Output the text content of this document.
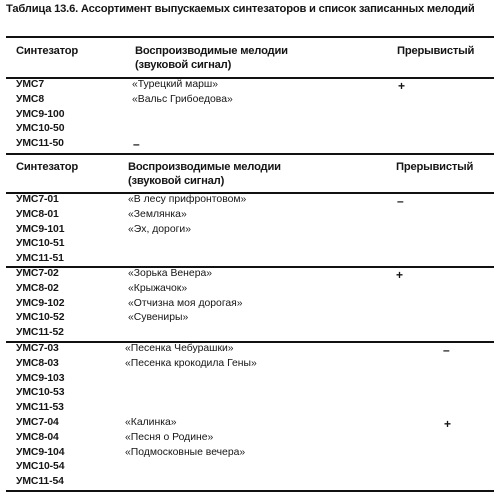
Таблица 13.6. Ассортимент выпускаемых синтезаторов и список записанных мелодий
Синтезатор	Воспроизводимые мелодии
(звуковой сигнал)
Прерывистый
УМС7
УМС8
УМС9-100
УМС10-50
УМС11-50
«Турецкий марш»
«Вальс Грибоедова»
+
–
Синтезатор	Воспроизводимые мелодии
(звуковой сигнал)
Прерывистый
УМС7-01
УМС8-01
УМС9-101
УМС10-51
УМС11-51
«В лесу прифронтовом»
«Землянка»
«Эх, дороги»
–
УМС7-02
УМС8-02
УМС9-102
УМС10-52
УМС11-52
«Зорька Венера»
«Крыжачок»
«Отчизна моя дорогая»
«Сувениры»
+
УМС7-03
УМС8-03
УМС9-103
УМС10-53
УМС11-53
«Песенка Чебурашки»
«Песенка крокодила Гены»
–
УМС7-04
УМС8-04
УМС9-104
УМС10-54
УМС11-54
«Калинка»
«Песня о Родине»
«Подмосковные вечера»
+
